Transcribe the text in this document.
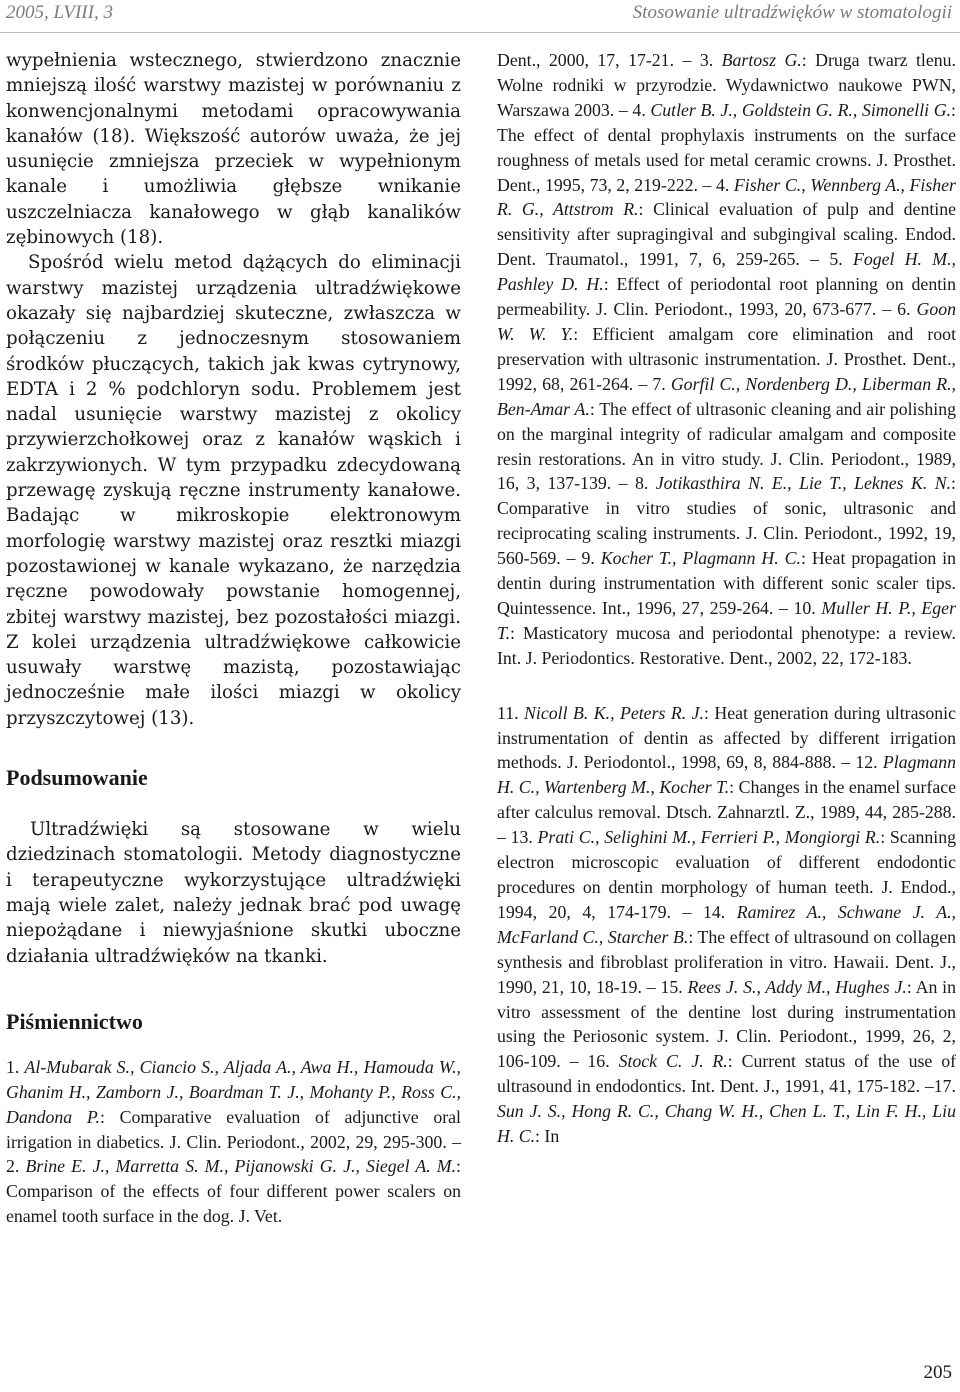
2005, LVIII, 3	Stosowanie ultradźwięków w stomatologii

wypełnienia wstecznego, stwierdzono znacznie mniejszą ilość warstwy mazistej w porównaniu z konwencjonalnymi metodami opracowywania kanałów (18). Większość autorów uważa, że jej usunięcie zmniejsza przeciek w wypełnionym kanale i umożliwia głębsze wnikanie uszczelniacza kanałowego w głąb kanalików zębinowych (18).

Spośród wielu metod dążących do eliminacji warstwy mazistej urządzenia ultradźwiękowe okazały się najbardziej skuteczne, zwłaszcza w połączeniu z jednoczesnym stosowaniem środków płuczących, takich jak kwas cytrynowy, EDTA i 2 % podchloryn sodu. Problemem jest nadal usunięcie warstwy mazistej z okolicy przywierzchołkowej oraz z kanałów wąskich i zakrzywionych. W tym przypadku zdecydowaną przewagę zyskują ręczne instrumenty kanałowe. Badając w mikroskopie elektronowym morfologię warstwy mazistej oraz resztki miazgi pozostawionej w kanale wykazano, że narzędzia ręczne powodowały powstanie homogennej, zbitej warstwy mazistej, bez pozostałości miazgi. Z kolei urządzenia ultradźwiękowe całkowicie usuwały warstwę mazistą, pozostawiając jednocześnie małe ilości miazgi w okolicy przyszczytowej (13).

Podsumowanie

Ultradźwięki są stosowane w wielu dziedzinach stomatologii. Metody diagnostyczne i terapeutyczne wykorzystujące ultradźwięki mają wiele zalet, należy jednak brać pod uwagę niepożądane i niewyjaśnione skutki uboczne działania ultradźwięków na tkanki.

Piśmiennictwo

1. Al-Mubarak S., Ciancio S., Aljada A., Awa H., Hamouda W., Ghanim H., Zamborn J., Boardman T. J., Mohanty P., Ross C., Dandona P.: Comparative evaluation of adjunctive oral irrigation in diabetics. J. Clin. Periodont., 2002, 29, 295-300. – 2. Brine E. J., Marretta S. M., Pijanowski G. J., Siegel A. M.: Comparison of the effects of four different power scalers on enamel tooth surface in the dog. J. Vet.

Dent., 2000, 17, 17-21. – 3. Bartosz G.: Druga twarz tlenu. Wolne rodniki w przyrodzie. Wydawnictwo naukowe PWN, Warszawa 2003. – 4. Cutler B. J., Goldstein G. R., Simonelli G.: The effect of dental prophylaxis instruments on the surface roughness of metals used for metal ceramic crowns. J. Prosthet. Dent., 1995, 73, 2, 219-222. – 4. Fisher C., Wennberg A., Fisher R. G., Attstrom R.: Clinical evaluation of pulp and dentine sensitivity after supragingival and subgingival scaling. Endod. Dent. Traumatol., 1991, 7, 6, 259-265. – 5. Fogel H. M., Pashley D. H.: Effect of periodontal root planning on dentin permeability. J. Clin. Periodont., 1993, 20, 673-677. – 6. Goon W. W. Y.: Efficient amalgam core elimination and root preservation with ultrasonic instrumentation. J. Prosthet. Dent., 1992, 68, 261-264. – 7. Gorfil C., Nordenberg D., Liberman R., Ben-Amar A.: The effect of ultrasonic cleaning and air polishing on the marginal integrity of radicular amalgam and composite resin restorations. An in vitro study. J. Clin. Periodont., 1989, 16, 3, 137-139. – 8. Jotikasthira N. E., Lie T., Leknes K. N.: Comparative in vitro studies of sonic, ultrasonic and reciprocating scaling instruments. J. Clin. Periodont., 1992, 19, 560-569. – 9. Kocher T., Plagmann H. C.: Heat propagation in dentin during instrumentation with different sonic scaler tips. Quintessence. Int., 1996, 27, 259-264. – 10. Muller H. P., Eger T.: Masticatory mucosa and periodontal phenotype: a review. Int. J. Periodontics. Restorative. Dent., 2002, 22, 172-183.

11. Nicoll B. K., Peters R. J.: Heat generation during ultrasonic instrumentation of dentin as affected by different irrigation methods. J. Periodontol., 1998, 69, 8, 884-888. – 12. Plagmann H. C., Wartenberg M., Kocher T.: Changes in the enamel surface after calculus removal. Dtsch. Zahnarztl. Z., 1989, 44, 285-288. – 13. Prati C., Selighini M., Ferrieri P., Mongiorgi R.: Scanning electron microscopic evaluation of different endodontic procedures on dentin morphology of human teeth. J. Endod., 1994, 20, 4, 174-179. – 14. Ramirez A., Schwane J. A., McFarland C., Starcher B.: The effect of ultrasound on collagen synthesis and fibroblast proliferation in vitro. Hawaii. Dent. J., 1990, 21, 10, 18-19. – 15. Rees J. S., Addy M., Hughes J.: An in vitro assessment of the dentine lost during instrumentation using the Periosonic system. J. Clin. Periodont., 1999, 26, 2, 106-109. – 16. Stock C. J. R.: Current status of the use of ultrasound in endodontics. Int. Dent. J., 1991, 41, 175-182. –17. Sun J. S., Hong R. C., Chang W. H., Chen L. T., Lin F. H., Liu H. C.: In

205
